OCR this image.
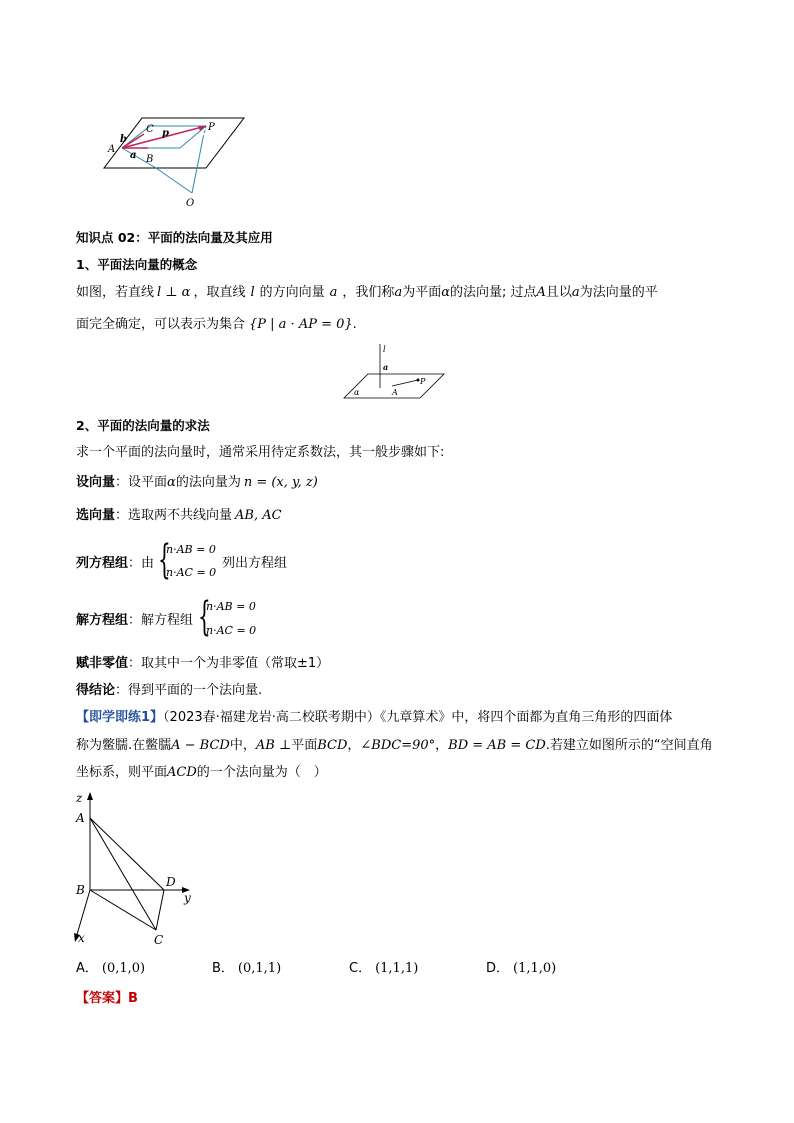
P
C
b
p
A
a B
O
知识点 02：平面的法向量及其应用
1、平面法向量的概念
如图，若直线 l ⊥ α ，取直线 l 的方向向量 a ，我们称a为平面α的法向量; 过点A且以a为法向量的平
面完全确定，可以表示为集合 {P | a · AP = 0}.
l
a
α	A
P
2、平面的法向量的求法
求一个平面的法向量时，通常采用待定系数法，其一般步骤如下:
设向量：设平面α的法向量为 n = (x, y, z)
选向量：选取两不共线向量 AB, AC
列方程组：由 {
n·AB = 0
n·AC = 0
列出方程组
解方程组：解方程组 {
n·AB = 0
n·AC = 0
赋非零值：取其中一个为非零值（常取±1）
得结论：得到平面的一个法向量.
【即学即练1】（2023春·福建龙岩·高二校联考期中）《九章算术》中，将四个面都为直角三角形的四面体
称为鳖臑.在鳖臑A − BCD中，AB ⊥平面BCD，∠BDC=90°，BD = AB = CD.若建立如图所示的“空间直角
坐标系，则平面ACD的一个法向量为（　）
z
A
B
D
y
x	C
A． (0,1,0)	B． (0,1,1)	C． (1,1,1)	D． (1,1,0)
【答案】B
